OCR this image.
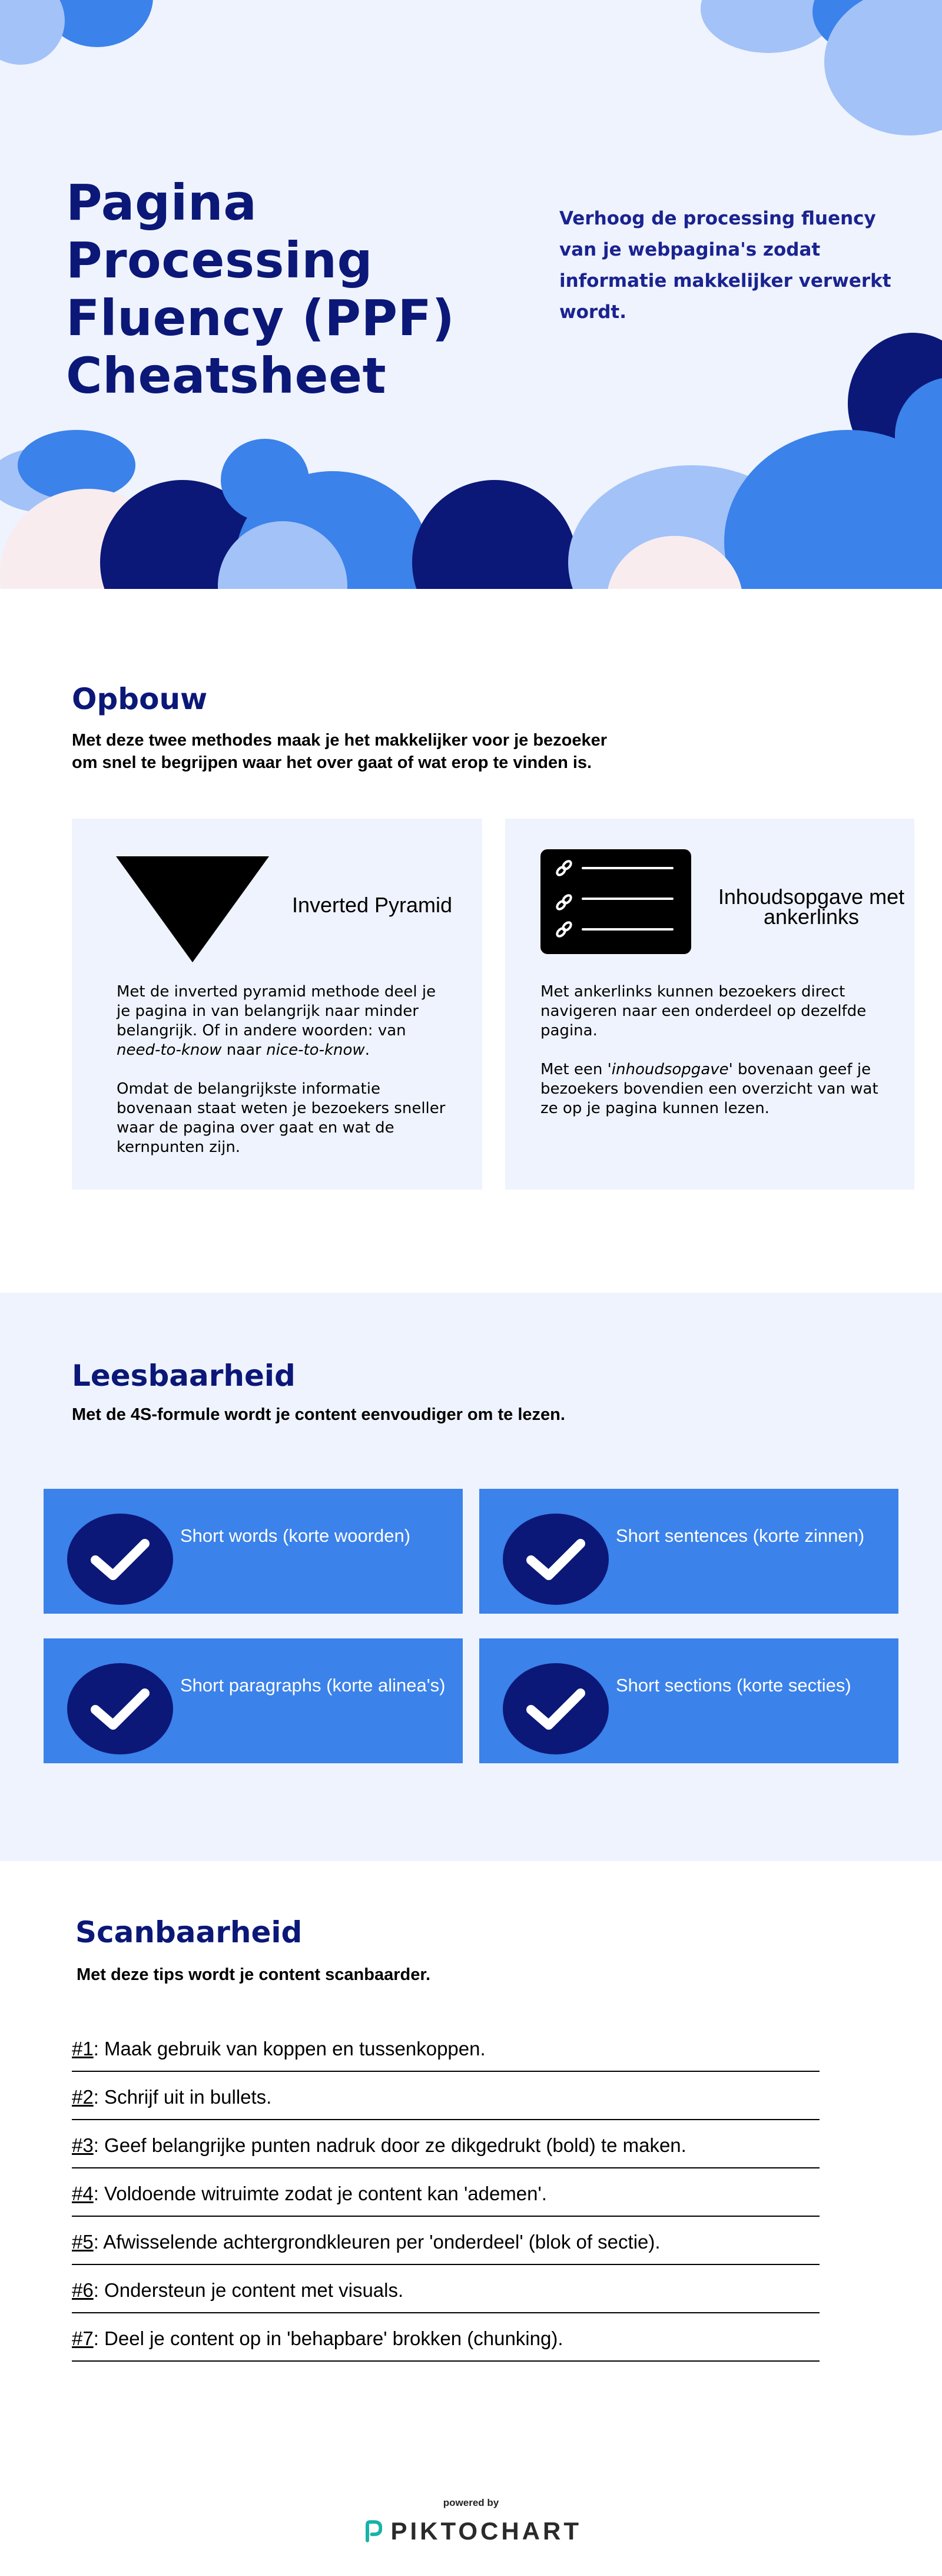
Pagina Processing
Fluency (PPF)
Cheatsheet

Verhoog de processing fluency van je webpagina's zodat informatie makkelijker verwerkt wordt.

Opbouw
Met deze twee methodes maak je het makkelijker voor je bezoeker
om snel te begrijpen waar het over gaat of wat erop te vinden is.
Inverted Pyramid

Met de inverted pyramid methode deel je je pagina in van belangrijk naar minder belangrijk. Of in andere woorden: van need-to-know naar nice-to-know.

Omdat de belangrijkste informatie bovenaan staat weten je bezoekers sneller waar de pagina over gaat en wat de kernpunten zijn.

Inhoudsopgave met
ankerlinks

Met ankerlinks kunnen bezoekers direct navigeren naar een onderdeel op dezelfde pagina.

Met een 'inhoudsopgave' bovenaan geef je bezoekers bovendien een overzicht van wat ze op je pagina kunnen lezen.

Leesbaarheid
Met de 4S-formule wordt je content eenvoudiger om te lezen.
Short words (korte woorden)	Short sentences (korte zinnen)
Short paragraphs (korte alinea's)	Short sections (korte secties)
Scanbaarheid
Met deze tips wordt je content scanbaarder.
#1 : Maak gebruik van koppen en tussenkoppen.
#2 : Schrijf uit in bullets.
#3 : Geef belangrijke punten nadruk door ze dikgedrukt (bold) te maken.
#4 : Voldoende witruimte zodat je content kan 'ademen'.
#5 : Afwisselende achtergrondkleuren per 'onderdeel' (blok of sectie).
#6 : Ondersteun je content met visuals.
#7 : Deel je content op in 'behapbare' brokken (chunking).
powered by
PIKTOCHART
